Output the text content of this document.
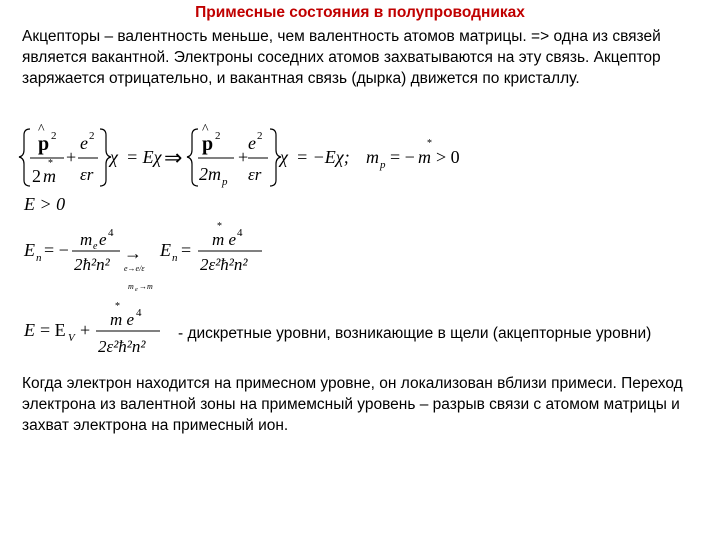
Примесные состояния в полупроводниках

Акцепторы – валентность меньше, чем валентность атомов матрицы. => одна из связей является вакантной. Электроны соседних атомов захватываются на эту связь. Акцептор заряжается отрицательно, и вакантная связь (дырка) движется по кристаллу.

p
^ 2
*
2 m
+
e 2
εr
χ = Eχ ⇒
p
^ 2
2m p
e 2
+
εr
χ = −Eχ; m p = −
*
m > 0
E > 0
E n = −
m e e 4
2ħ²n²
→
e→e/ε
m e →m
E n =
*
m e 4
2ε²ħ²n²
E = E V +
*
m e 4
2ε²ħ²n²

- дискретные уровни, возникающие в щели (акцепторные уровни)

Когда электрон находится на примесном уровне, он локализован вблизи примеси. Переход электрона из валентной зоны на примемсный уровень – разрыв связи с атомом матрицы и захват электрона на примесный ион.
